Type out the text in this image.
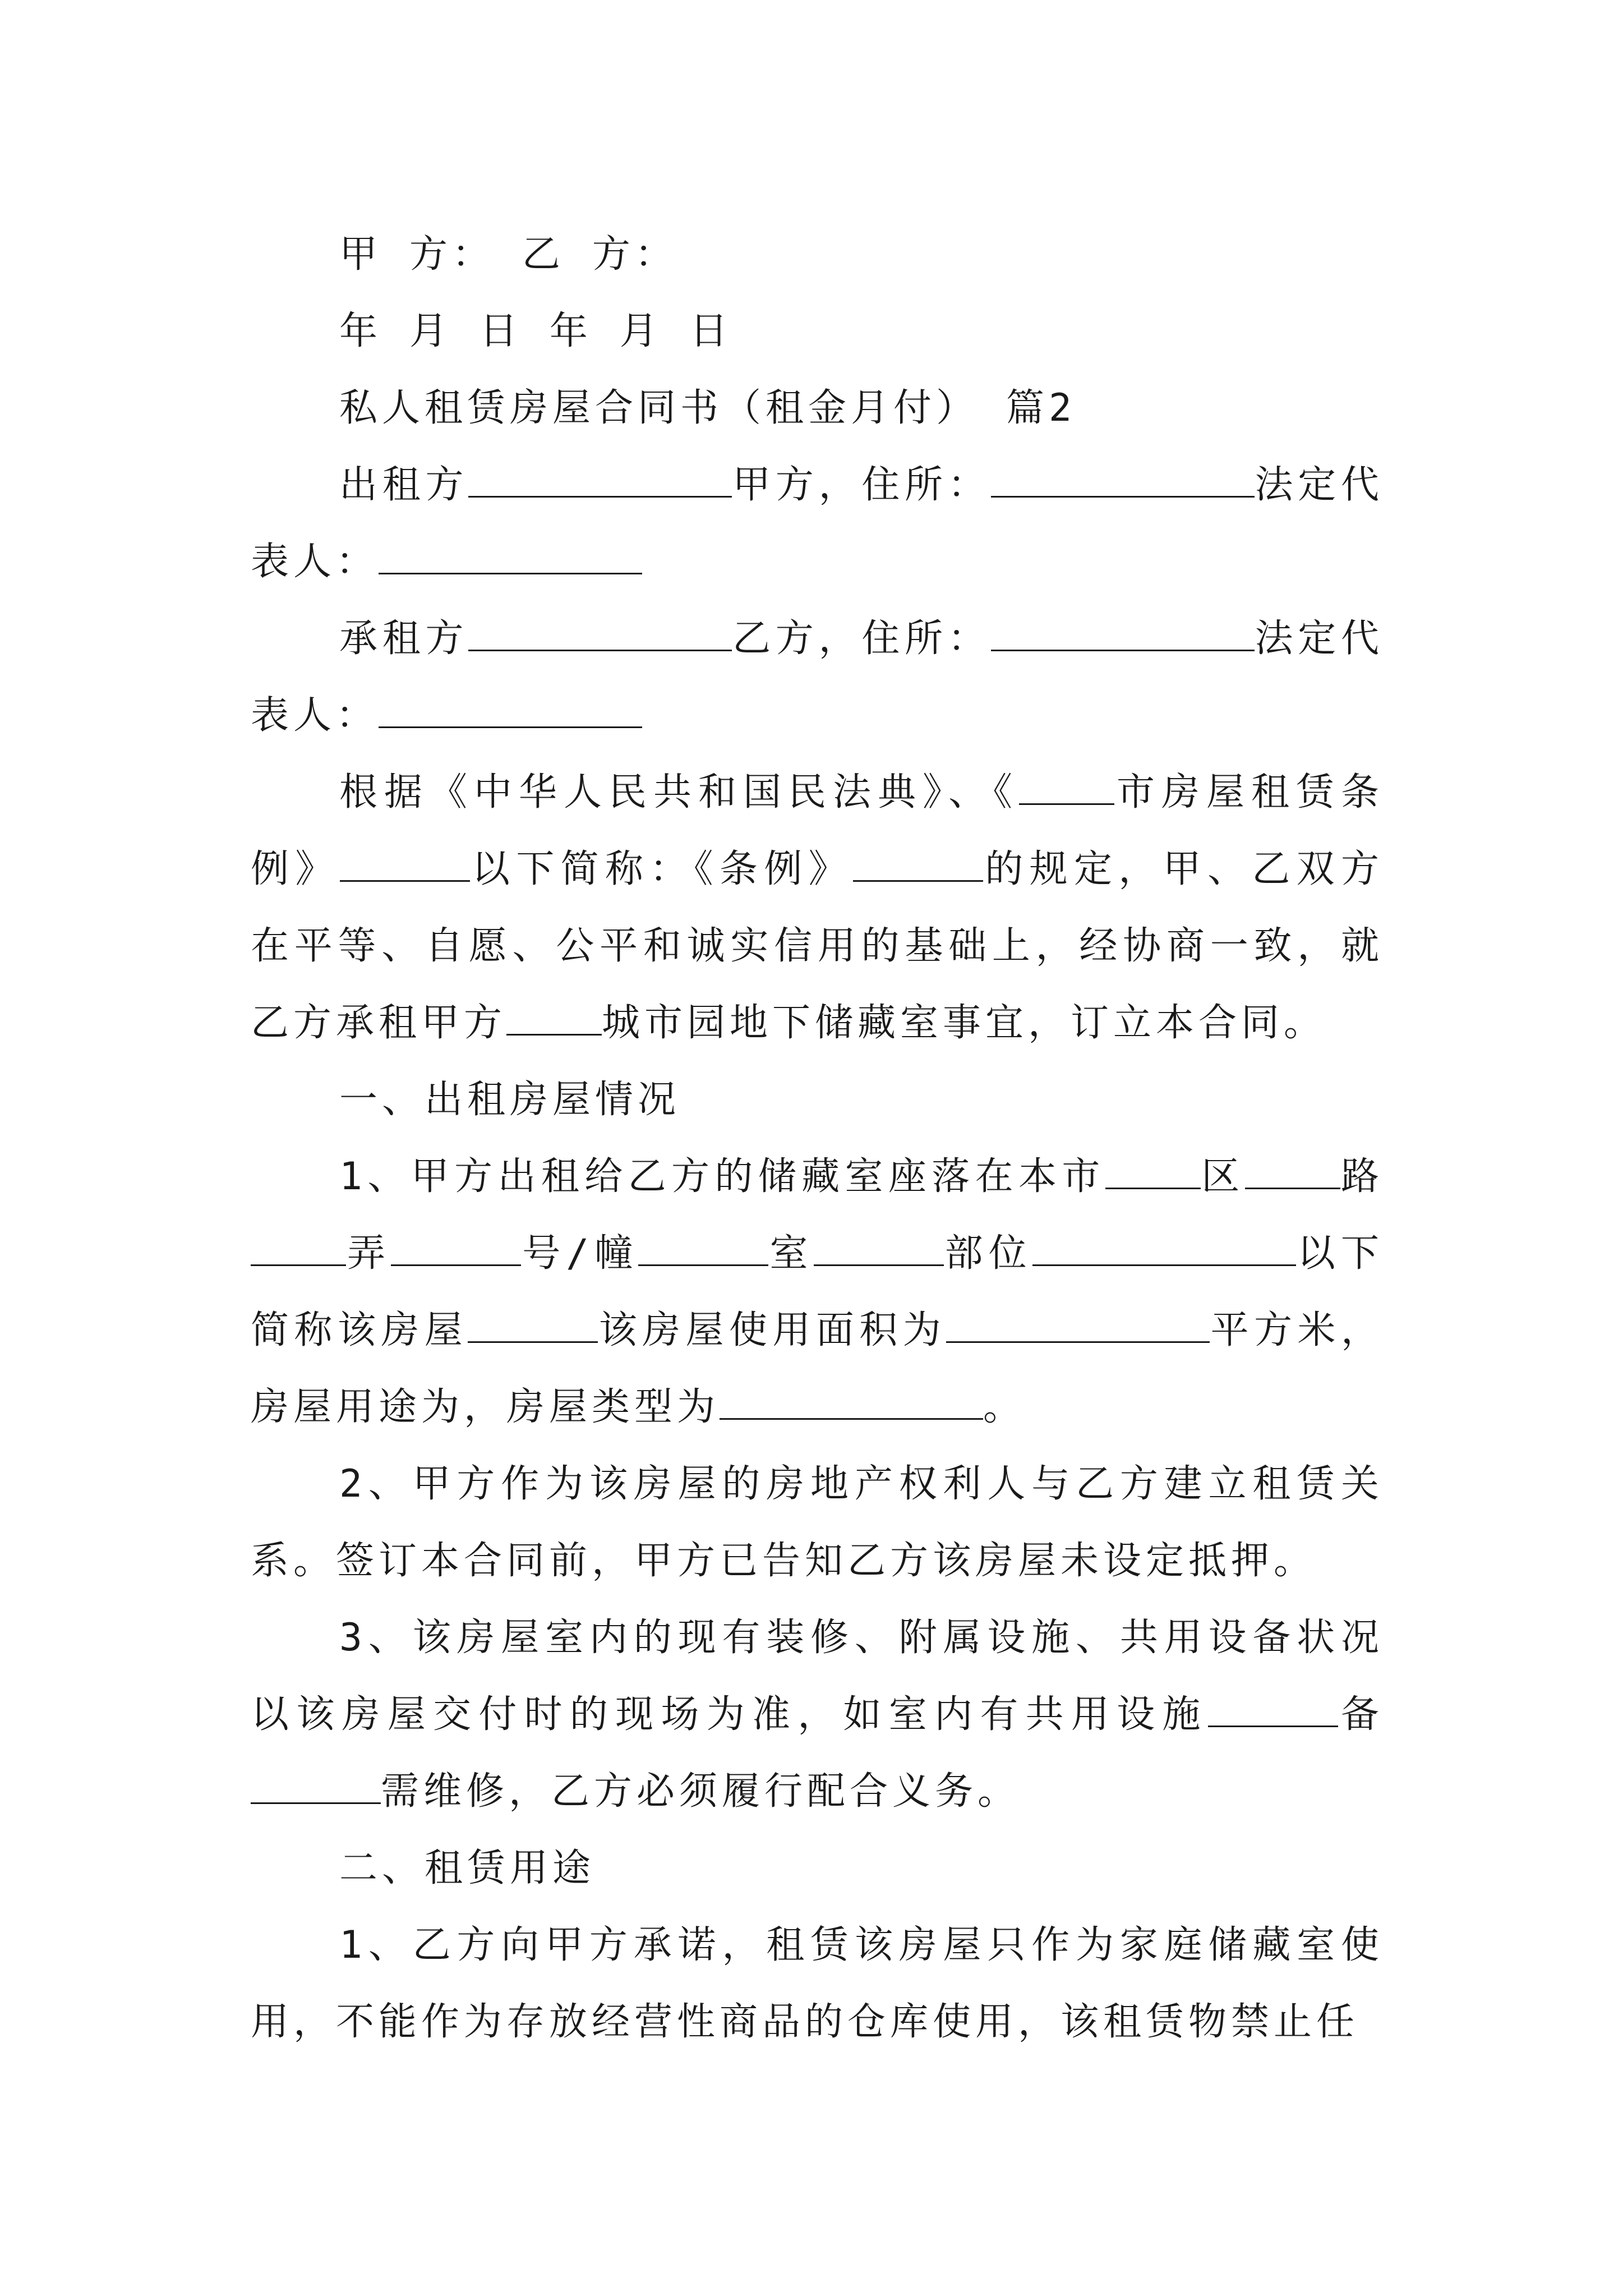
甲 方： 乙 方：

年 月 日 年 月 日

私人租赁房屋合同书（租金月付） 篇2

出租方	甲方，住所：	法定代表人：

承租方	乙方，住所：	法定代表人：

根据《中华人民共和国民法典》、《	市房屋租赁条例》	以下简称：《条例》	的规定，甲、乙双方在平等、自愿、公平和诚实信用的基础上，经协商一致，就乙方承租甲方	城市园地下储藏室事宜，订立本合同。

一、出租房屋情况

1、甲方出租给乙方的储藏室座落在本市	区	路弄	号/幢	室	部位	以下简称该房屋	该房屋使用面积为	平方米，房屋用途为，房屋类型为	。

2、甲方作为该房屋的房地产权利人与乙方建立租赁关系。签订本合同前，甲方已告知乙方该房屋未设定抵押。

3、该房屋室内的现有装修、附属设施、共用设备状况以该房屋交付时的现场为准，如室内有共用设施	备需维修，乙方必须履行配合义务。

二、租赁用途

1、乙方向甲方承诺，租赁该房屋只作为家庭储藏室使用，不能作为存放经营性商品的仓库使用，该租赁物禁止任
